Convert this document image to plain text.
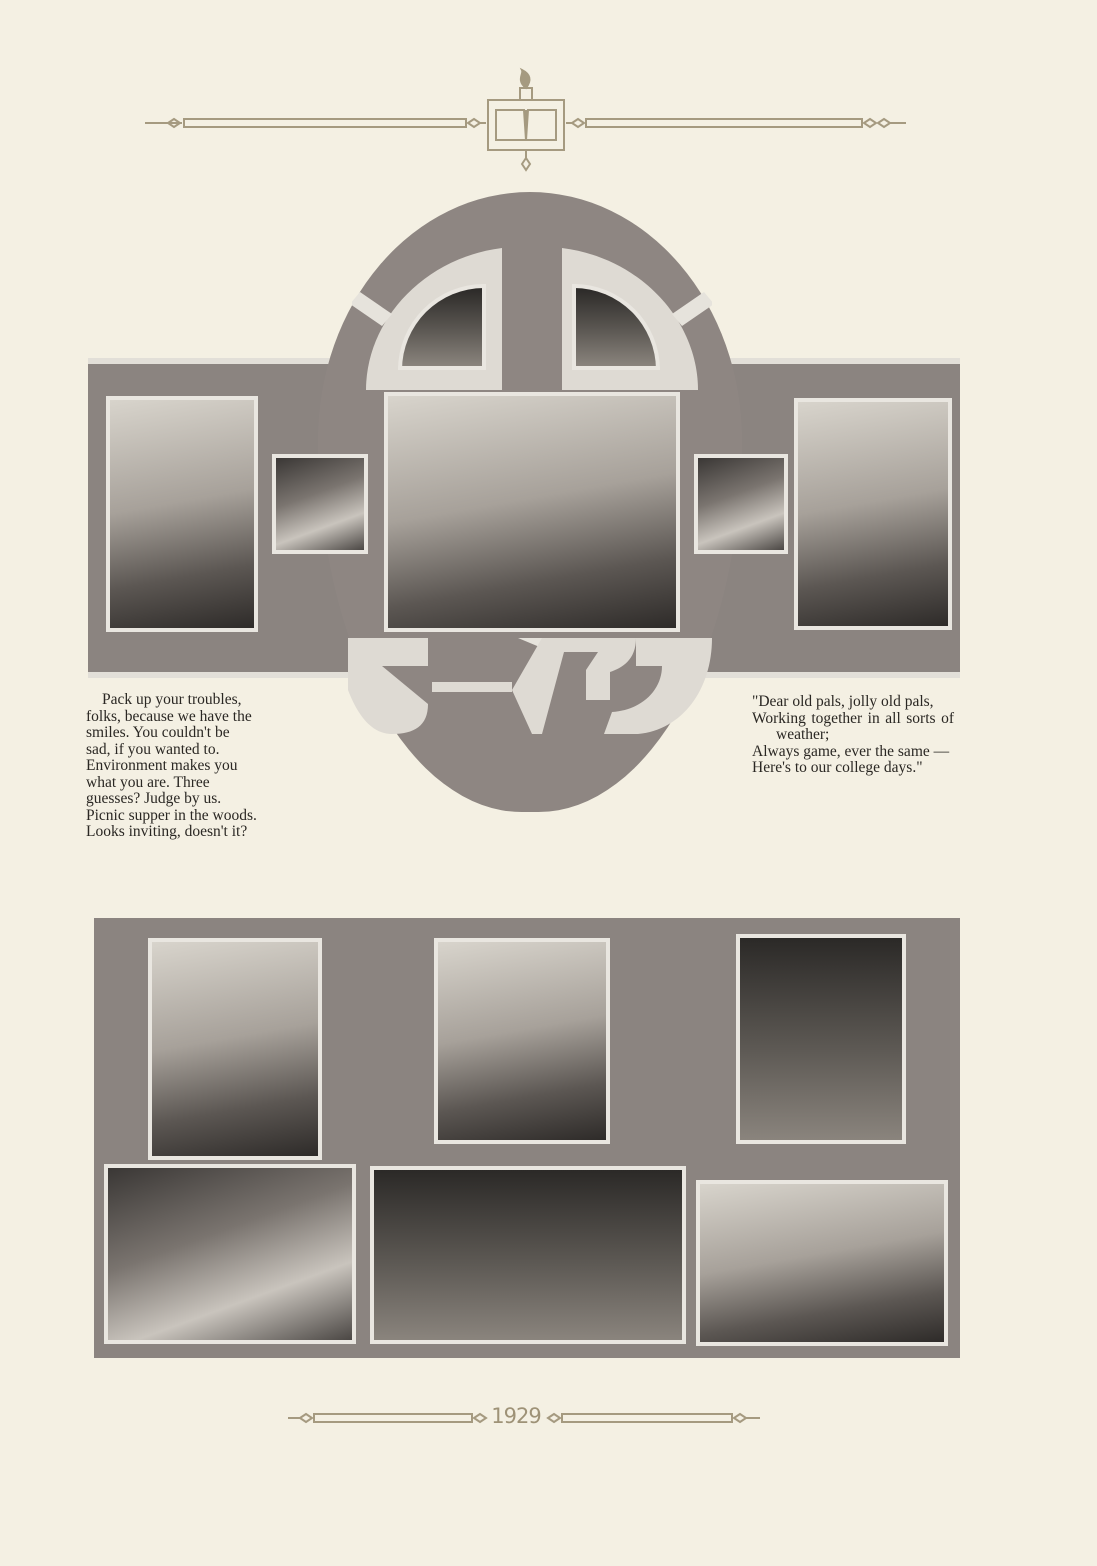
Pack up your troubles,

folks, because we have the

smiles. You couldn't be

sad, if you wanted to.

Environment makes you

what you are. Three

guesses? Judge by us.

Picnic supper in the woods.

Looks inviting, doesn't it?

"Dear old pals, jolly old pals,

Working together in all sorts of weather;

Always game, ever the same —

Here's to our college days."

1929
